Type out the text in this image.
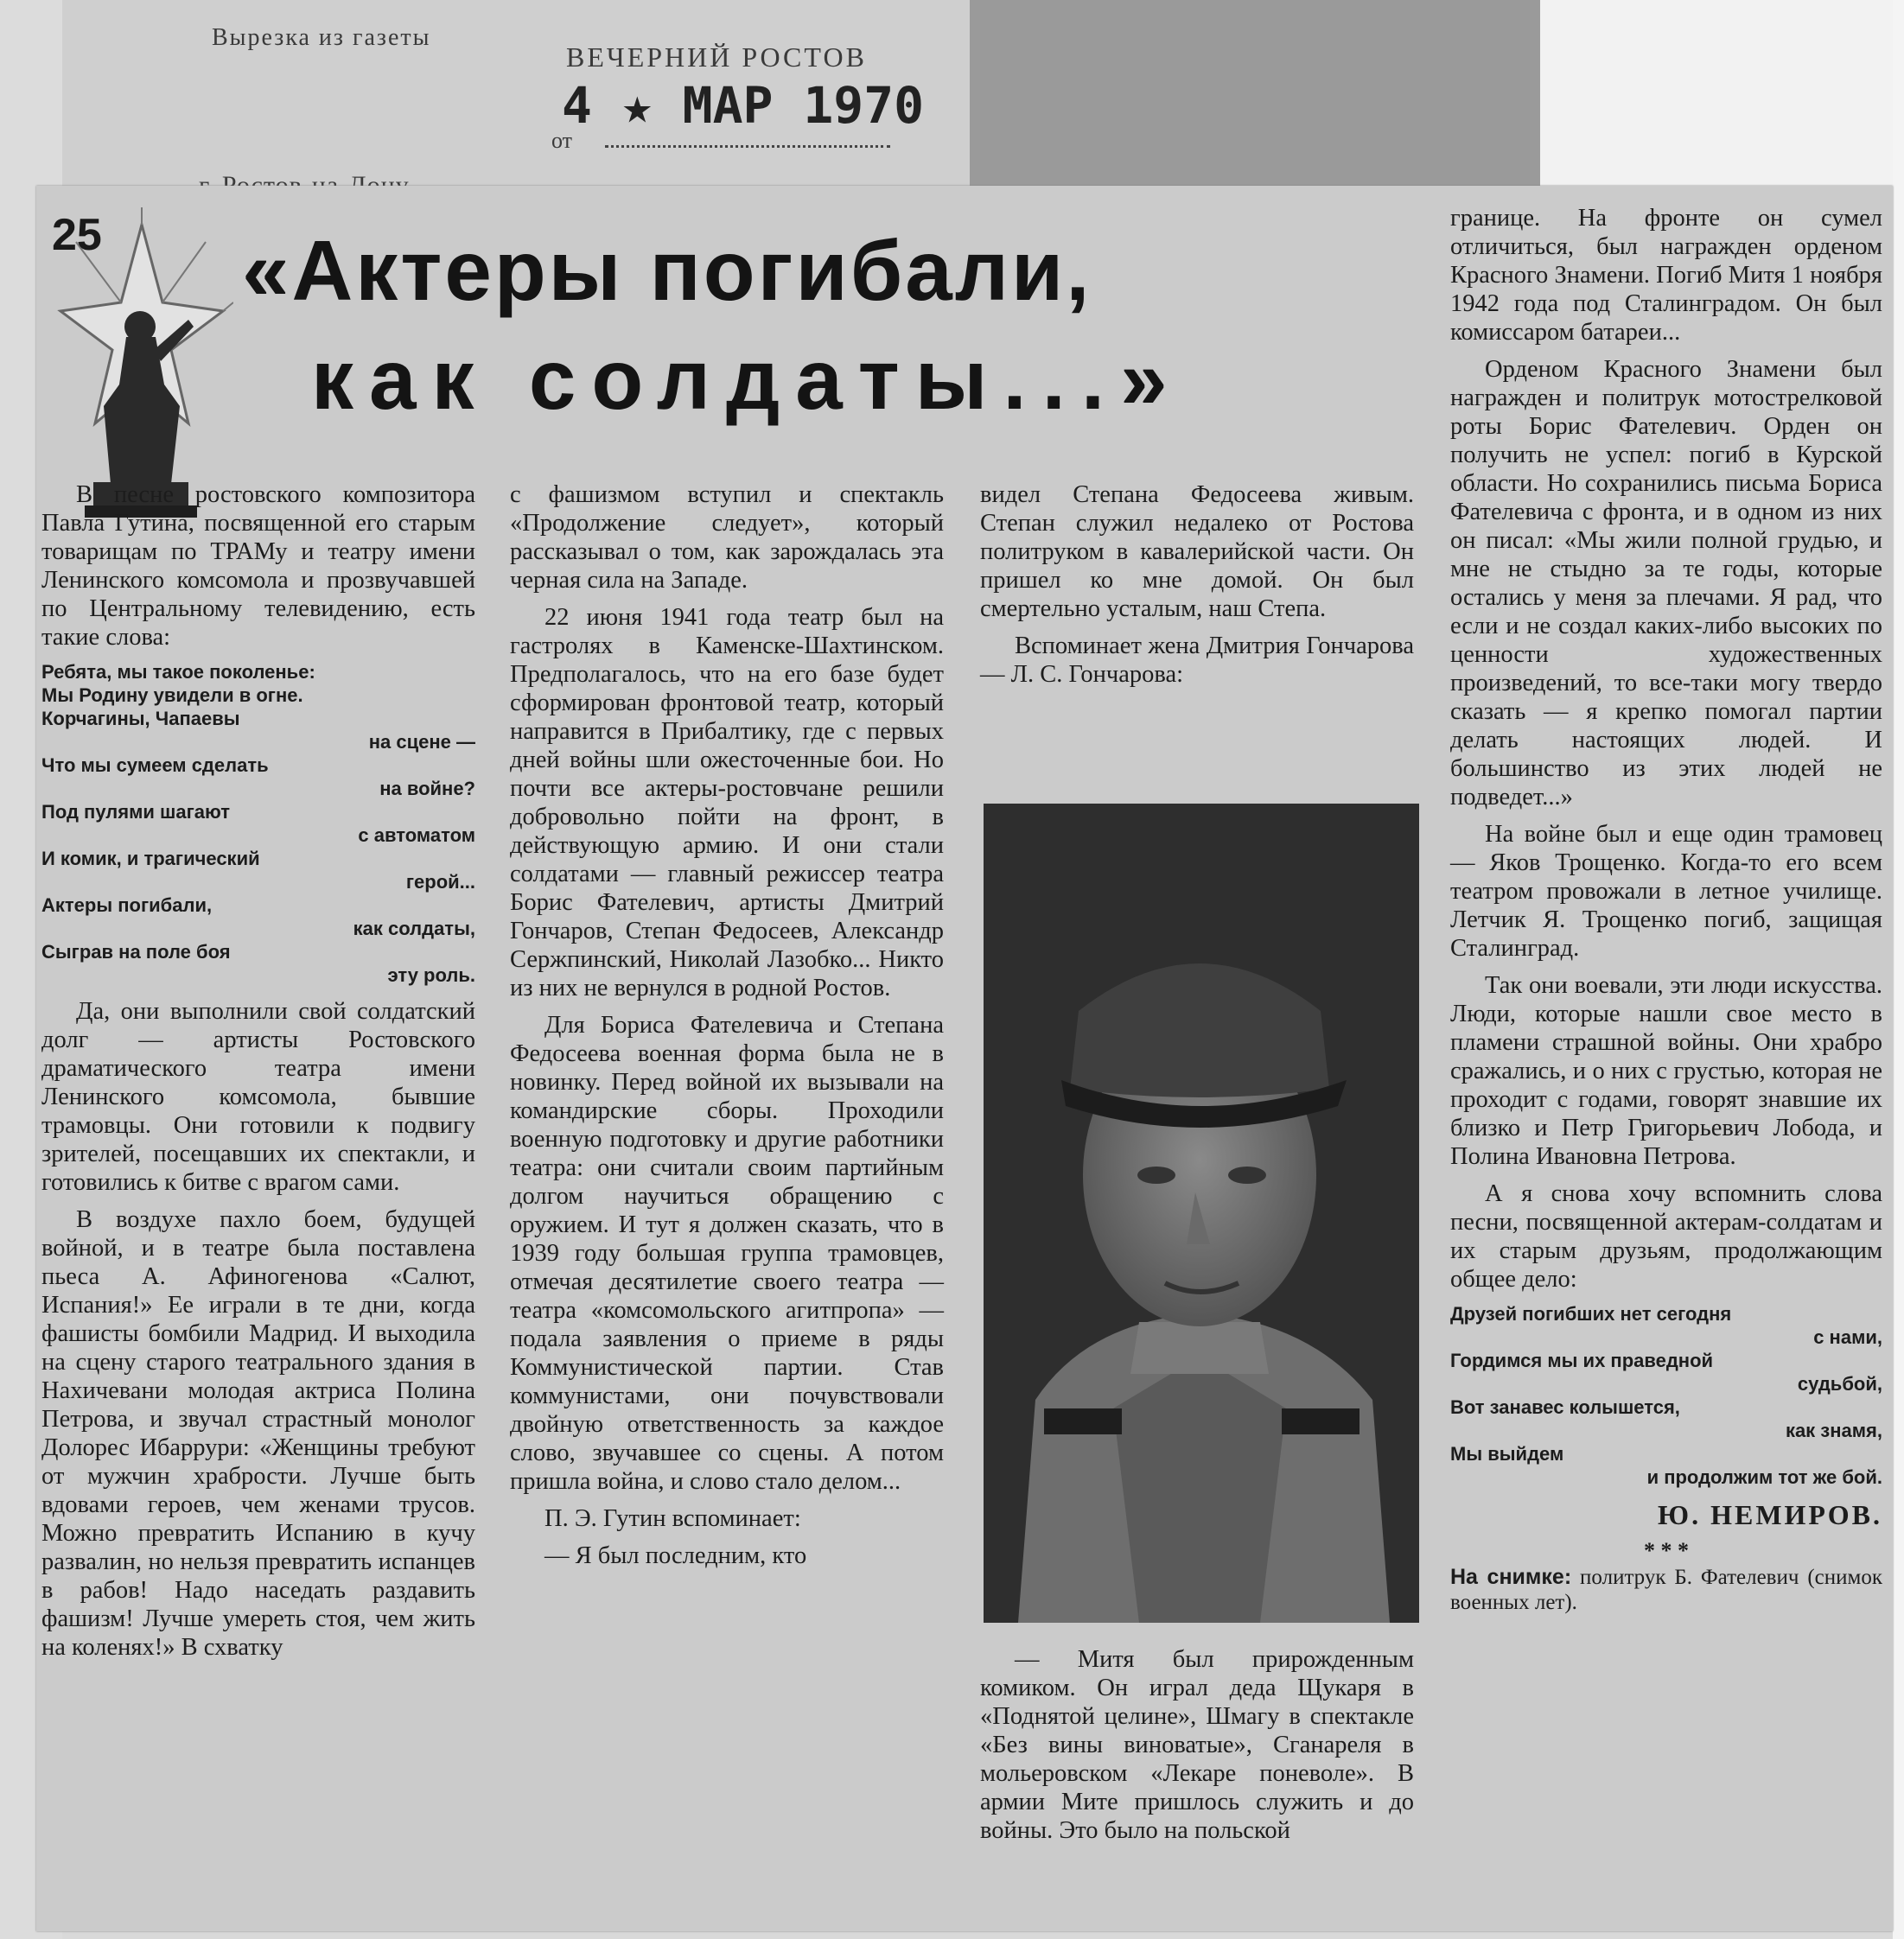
Вырезка из газеты
ВЕЧЕРНИЙ РОСТОВ
4 ★ МАР 1970
от
25 «Актеры погибали,
как солдаты...»

В песне ростовского композитора Павла Гутина, посвященной его старым товарищам по ТРАМу и театру имени Ленинского комсомола и прозвучавшей по Центральному телевидению, есть такие слова:

Ребята, мы такое поколенье:
Мы Родину увидели в огне.
Корчагины, Чапаевы
на сцене —
Что мы сумеем сделать
на войне?
Под пулями шагают
с автоматом
И комик, и трагический
герой...
Актеры погибали,
как солдаты,
Сыграв на поле боя
эту роль.

Да, они выполнили свой солдатский долг — артисты Ростовского драматического театра имени Ленинского комсомола, бывшие трамовцы. Они готовили к подвигу зрителей, посещавших их спектакли, и готовились к битве с врагом сами.

В воздухе пахло боем, будущей войной, и в театре была поставлена пьеса А. Афиногенова «Салют, Испания!» Ее играли в те дни, когда фашисты бомбили Мадрид. И выходила на сцену старого театрального здания в Нахичевани молодая актриса Полина Петрова, и звучал страстный монолог Долорес Ибаррури: «Женщины требуют от мужчин храбрости. Лучше быть вдовами героев, чем женами трусов. Можно превратить Испанию в кучу развалин, но нельзя превратить испанцев в рабов! Надо наседать раздавить фашизм! Лучше умереть стоя, чем жить на коленях!» В схватку

с фашизмом вступил и спектакль «Продолжение следует», который рассказывал о том, как зарождалась эта черная сила на Западе.

22 июня 1941 года театр был на гастролях в Каменске-Шахтинском. Предполагалось, что на его базе будет сформирован фронтовой театр, который направится в Прибалтику, где с первых дней войны шли ожесточенные бои. Но почти все актеры-ростовчане решили добровольно пойти на фронт, в действующую армию. И они стали солдатами — главный режиссер театра Борис Фателевич, артисты Дмитрий Гончаров, Степан Федосеев, Александр Сержпинский, Николай Лазобко... Никто из них не вернулся в родной Ростов.

Для Бориса Фателевича и Степана Федосеева военная форма была не в новинку. Перед войной их вызывали на командирские сборы. Проходили военную подготовку и другие работники театра: они считали своим партийным долгом научиться обращению с оружием. И тут я должен сказать, что в 1939 году большая группа трамовцев, отмечая десятилетие своего театра — театра «комсомольского агитпропа» — подала заявления о приеме в ряды Коммунистической партии. Став коммунистами, они почувствовали двойную ответственность за каждое слово, звучавшее со сцены. А потом пришла война, и слово стало делом...

П. Э. Гутин вспоминает:

— Я был последним, кто

видел Степана Федосеева живым. Степан служил недалеко от Ростова политруком в кавалерийской части. Он пришел ко мне домой. Он был смертельно усталым, наш Степа.

Вспоминает жена Дмитрия Гончарова — Л. С. Гончарова:

— Митя был прирожденным комиком. Он играл деда Щукаря в «Поднятой целине», Шмагу в спектакле «Без вины виноватые», Сганареля в мольеровском «Лекаре поневоле». В армии Мите пришлось служить и до войны. Это было на польской

границе. На фронте он сумел отличиться, был награжден орденом Красного Знамени. Погиб Митя 1 ноября 1942 года под Сталинградом. Он был комиссаром батареи...

Орденом Красного Знамени был награжден и политрук мотострелковой роты Борис Фателевич. Орден он получить не успел: погиб в Курской области. Но сохранились письма Бориса Фателевича с фронта, и в одном из них он писал: «Мы жили полной грудью, и мне не стыдно за те годы, которые остались у меня за плечами. Я рад, что если и не создал каких-либо высоких по ценности художественных произведений, то все-таки могу твердо сказать — я крепко помогал партии делать настоящих людей. И большинство из этих людей не подведет...»

На войне был и еще один трамовец — Яков Трощенко. Когда-то его всем театром провожали в летное училище. Летчик Я. Трощенко погиб, защищая Сталинград.

Так они воевали, эти люди искусства. Люди, которые нашли свое место в пламени страшной войны. Они храбро сражались, и о них с грустью, которая не проходит с годами, говорят знавшие их близко и Петр Григорьевич Лобода, и Полина Ивановна Петрова.

А я снова хочу вспомнить слова песни, посвященной актерам-солдатам и их старым друзьям, продолжающим общее дело:

Друзей погибших нет сегодня
с нами,
Гордимся мы их праведной
судьбой,
Вот занавес колышется,
как знамя,
Мы выйдем
и продолжим тот же бой.
Ю. НЕМИРОВ.
* * *
На снимке: политрук Б. Фателевич (снимок военных лет).
